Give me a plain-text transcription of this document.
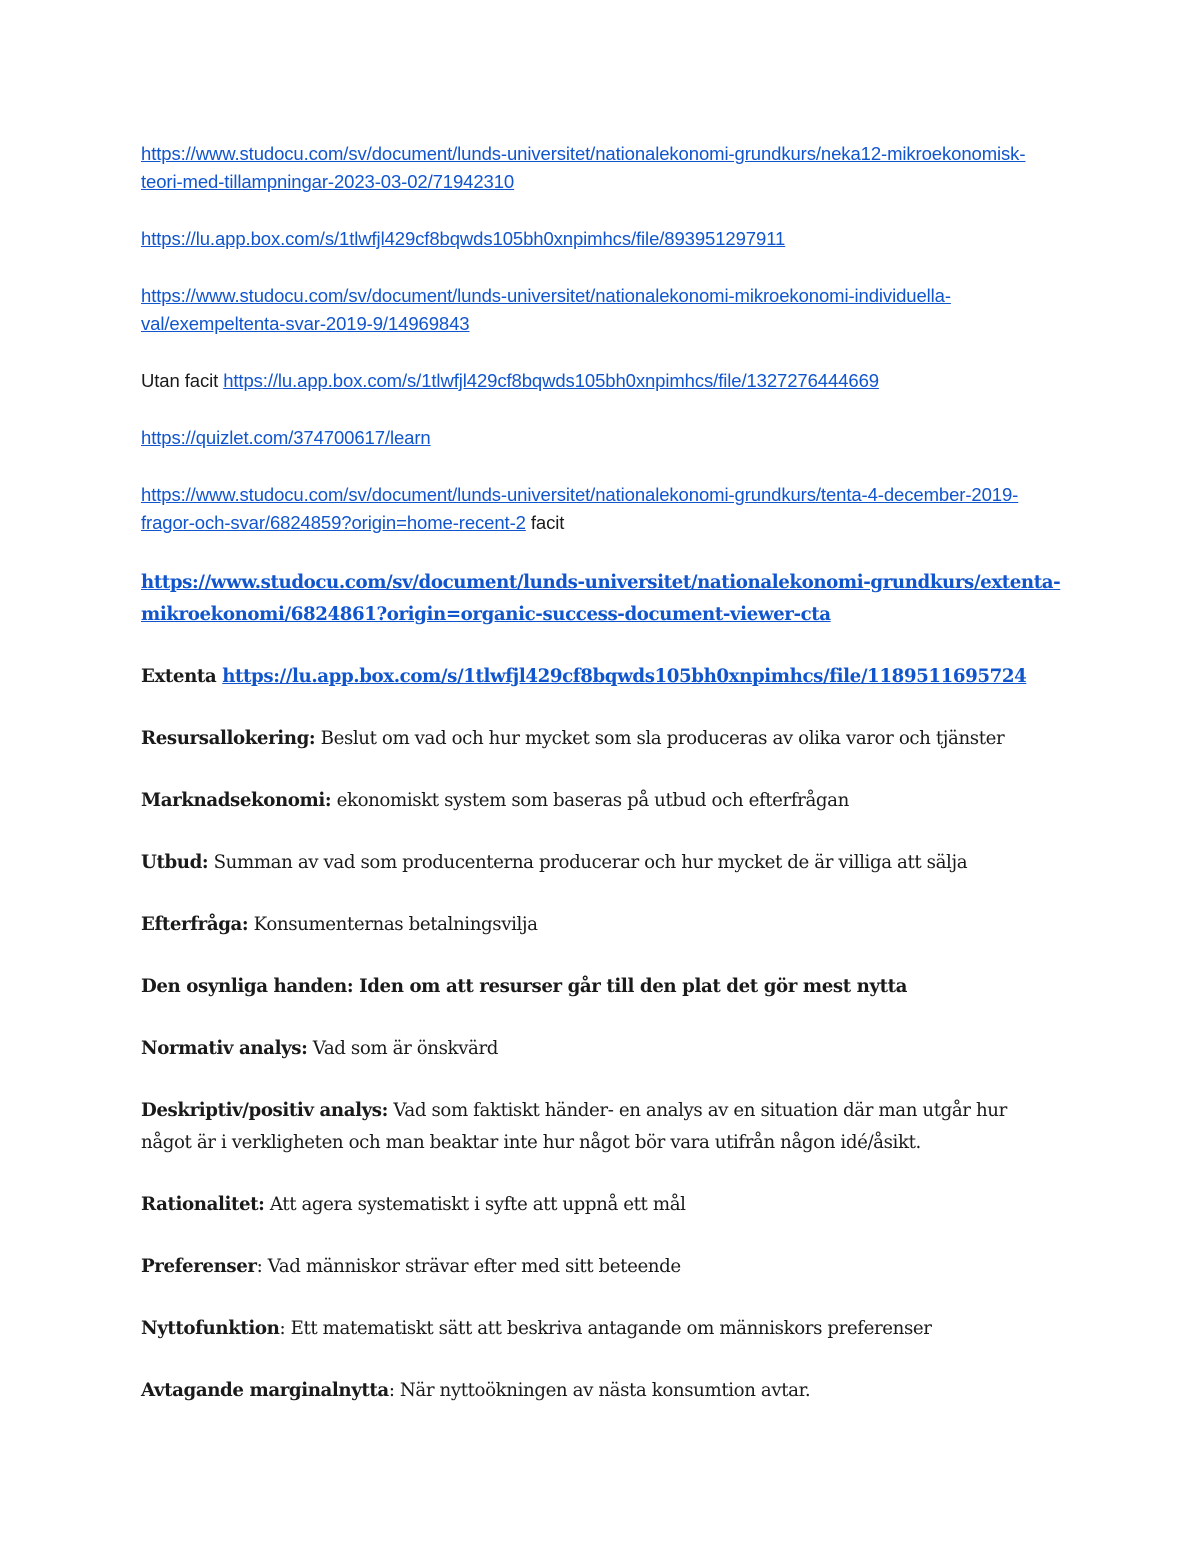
https://www.studocu.com/sv/document/lunds-universitet/nationalekonomi-grundkurs/neka12-mikroekonomisk-teori-med-tillampningar-2023-03-02/71942310

https://lu.app.box.com/s/1tlwfjl429cf8bqwds105bh0xnpimhcs/file/893951297911

https://www.studocu.com/sv/document/lunds-universitet/nationalekonomi-mikroekonomi-individuella-val/exempeltenta-svar-2019-9/14969843

Utan facit https://lu.app.box.com/s/1tlwfjl429cf8bqwds105bh0xnpimhcs/file/1327276444669

https://quizlet.com/374700617/learn

https://www.studocu.com/sv/document/lunds-universitet/nationalekonomi-grundkurs/tenta-4-december-2019-fragor-och-svar/6824859?origin=home-recent-2 facit

https://www.studocu.com/sv/document/lunds-universitet/nationalekonomi-grundkurs/extenta-mikroekonomi/6824861?origin=organic-success-document-viewer-cta

Extenta https://lu.app.box.com/s/1tlwfjl429cf8bqwds105bh0xnpimhcs/file/1189511695724

Resursallokering: Beslut om vad och hur mycket som sla produceras av olika varor och tjänster

Marknadsekonomi: ekonomiskt system som baseras på utbud och efterfrågan

Utbud: Summan av vad som producenterna producerar och hur mycket de är villiga att sälja

Efterfråga: Konsumenternas betalningsvilja

Den osynliga handen: Iden om att resurser går till den plat det gör mest nytta

Normativ analys: Vad som är önskvärd

Deskriptiv/positiv analys: Vad som faktiskt händer- en analys av en situation där man utgår hur något är i verkligheten och man beaktar inte hur något bör vara utifrån någon idé/åsikt.

Rationalitet: Att agera systematiskt i syfte att uppnå ett mål

Preferenser: Vad människor strävar efter med sitt beteende

Nyttofunktion: Ett matematiskt sätt att beskriva antagande om människors preferenser

Avtagande marginalnytta: När nyttoökningen av nästa konsumtion avtar.
